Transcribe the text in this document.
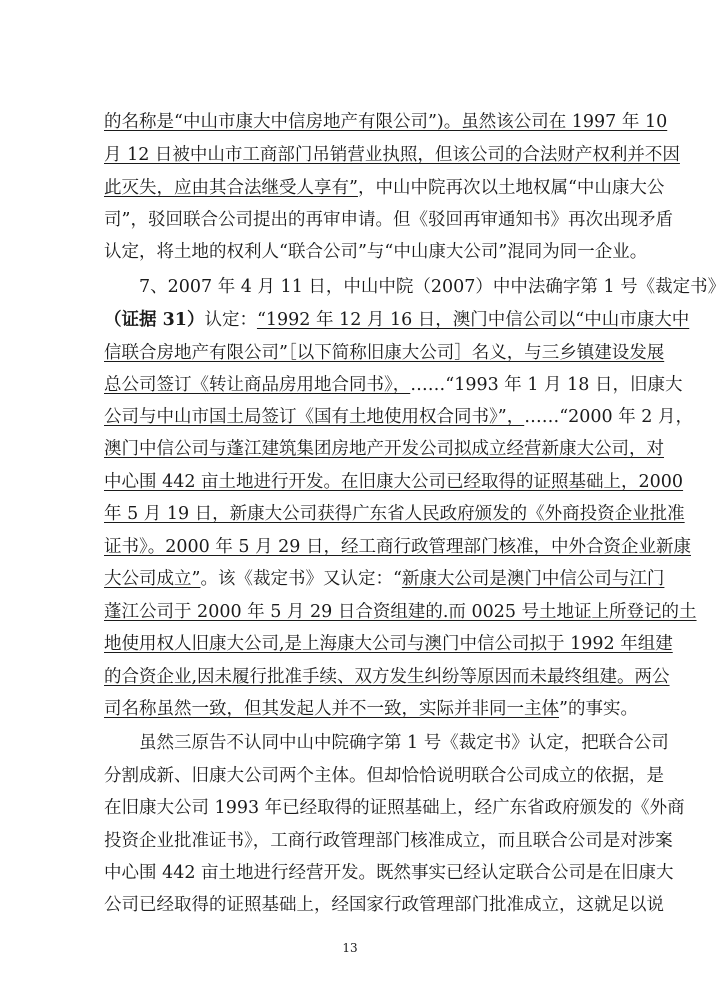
的名称是“中山市康大中信房地产有限公司”)。虽然该公司在 1997 年 10
月 12 日被中山市工商部门吊销营业执照，但该公司的合法财产权利并不因
此灭失，应由其合法继受人享有”，中山中院再次以土地权属“中山康大公
司”，驳回联合公司提出的再审申请。但《驳回再审通知书》再次出现矛盾
认定，将土地的权利人“联合公司”与“中山康大公司”混同为同一企业。
7、2007 年 4 月 11 日，中山中院（2007）中中法确字第 1 号《裁定书》
（证据 31）认定：“1992 年 12 月 16 日，澳门中信公司以“中山市康大中
信联合房地产有限公司”［以下简称旧康大公司］名义，与三乡镇建设发展
总公司签订《转让商品房用地合同书》，……“1993 年 1 月 18 日，旧康大
公司与中山市国土局签订《国有土地使用权合同书》”，……“2000 年 2 月，
澳门中信公司与蓬江建筑集团房地产开发公司拟成立经营新康大公司，对
中心围 442 亩土地进行开发。在旧康大公司已经取得的证照基础上，2000
年 5 月 19 日，新康大公司获得广东省人民政府颁发的《外商投资企业批准
证书》。2000 年 5 月 29 日，经工商行政管理部门核准，中外合资企业新康
大公司成立”。该《裁定书》又认定：“新康大公司是澳门中信公司与江门
蓬江公司于 2000 年 5 月 29 日合资组建的.而 0025 号土地证上所登记的土
地使用权人旧康大公司,是上海康大公司与澳门中信公司拟于 1992 年组建
的合资企业,因未履行批准手续、双方发生纠纷等原因而未最终组建。两公
司名称虽然一致，但其发起人并不一致，实际并非同一主体”的事实。
虽然三原告不认同中山中院确字第 1 号《裁定书》认定，把联合公司
分割成新、旧康大公司两个主体。但却恰恰说明联合公司成立的依据，是
在旧康大公司 1993 年已经取得的证照基础上，经广东省政府颁发的《外商
投资企业批准证书》，工商行政管理部门核准成立，而且联合公司是对涉案
中心围 442 亩土地进行经营开发。既然事实已经认定联合公司是在旧康大
公司已经取得的证照基础上，经国家行政管理部门批准成立，这就足以说
13
